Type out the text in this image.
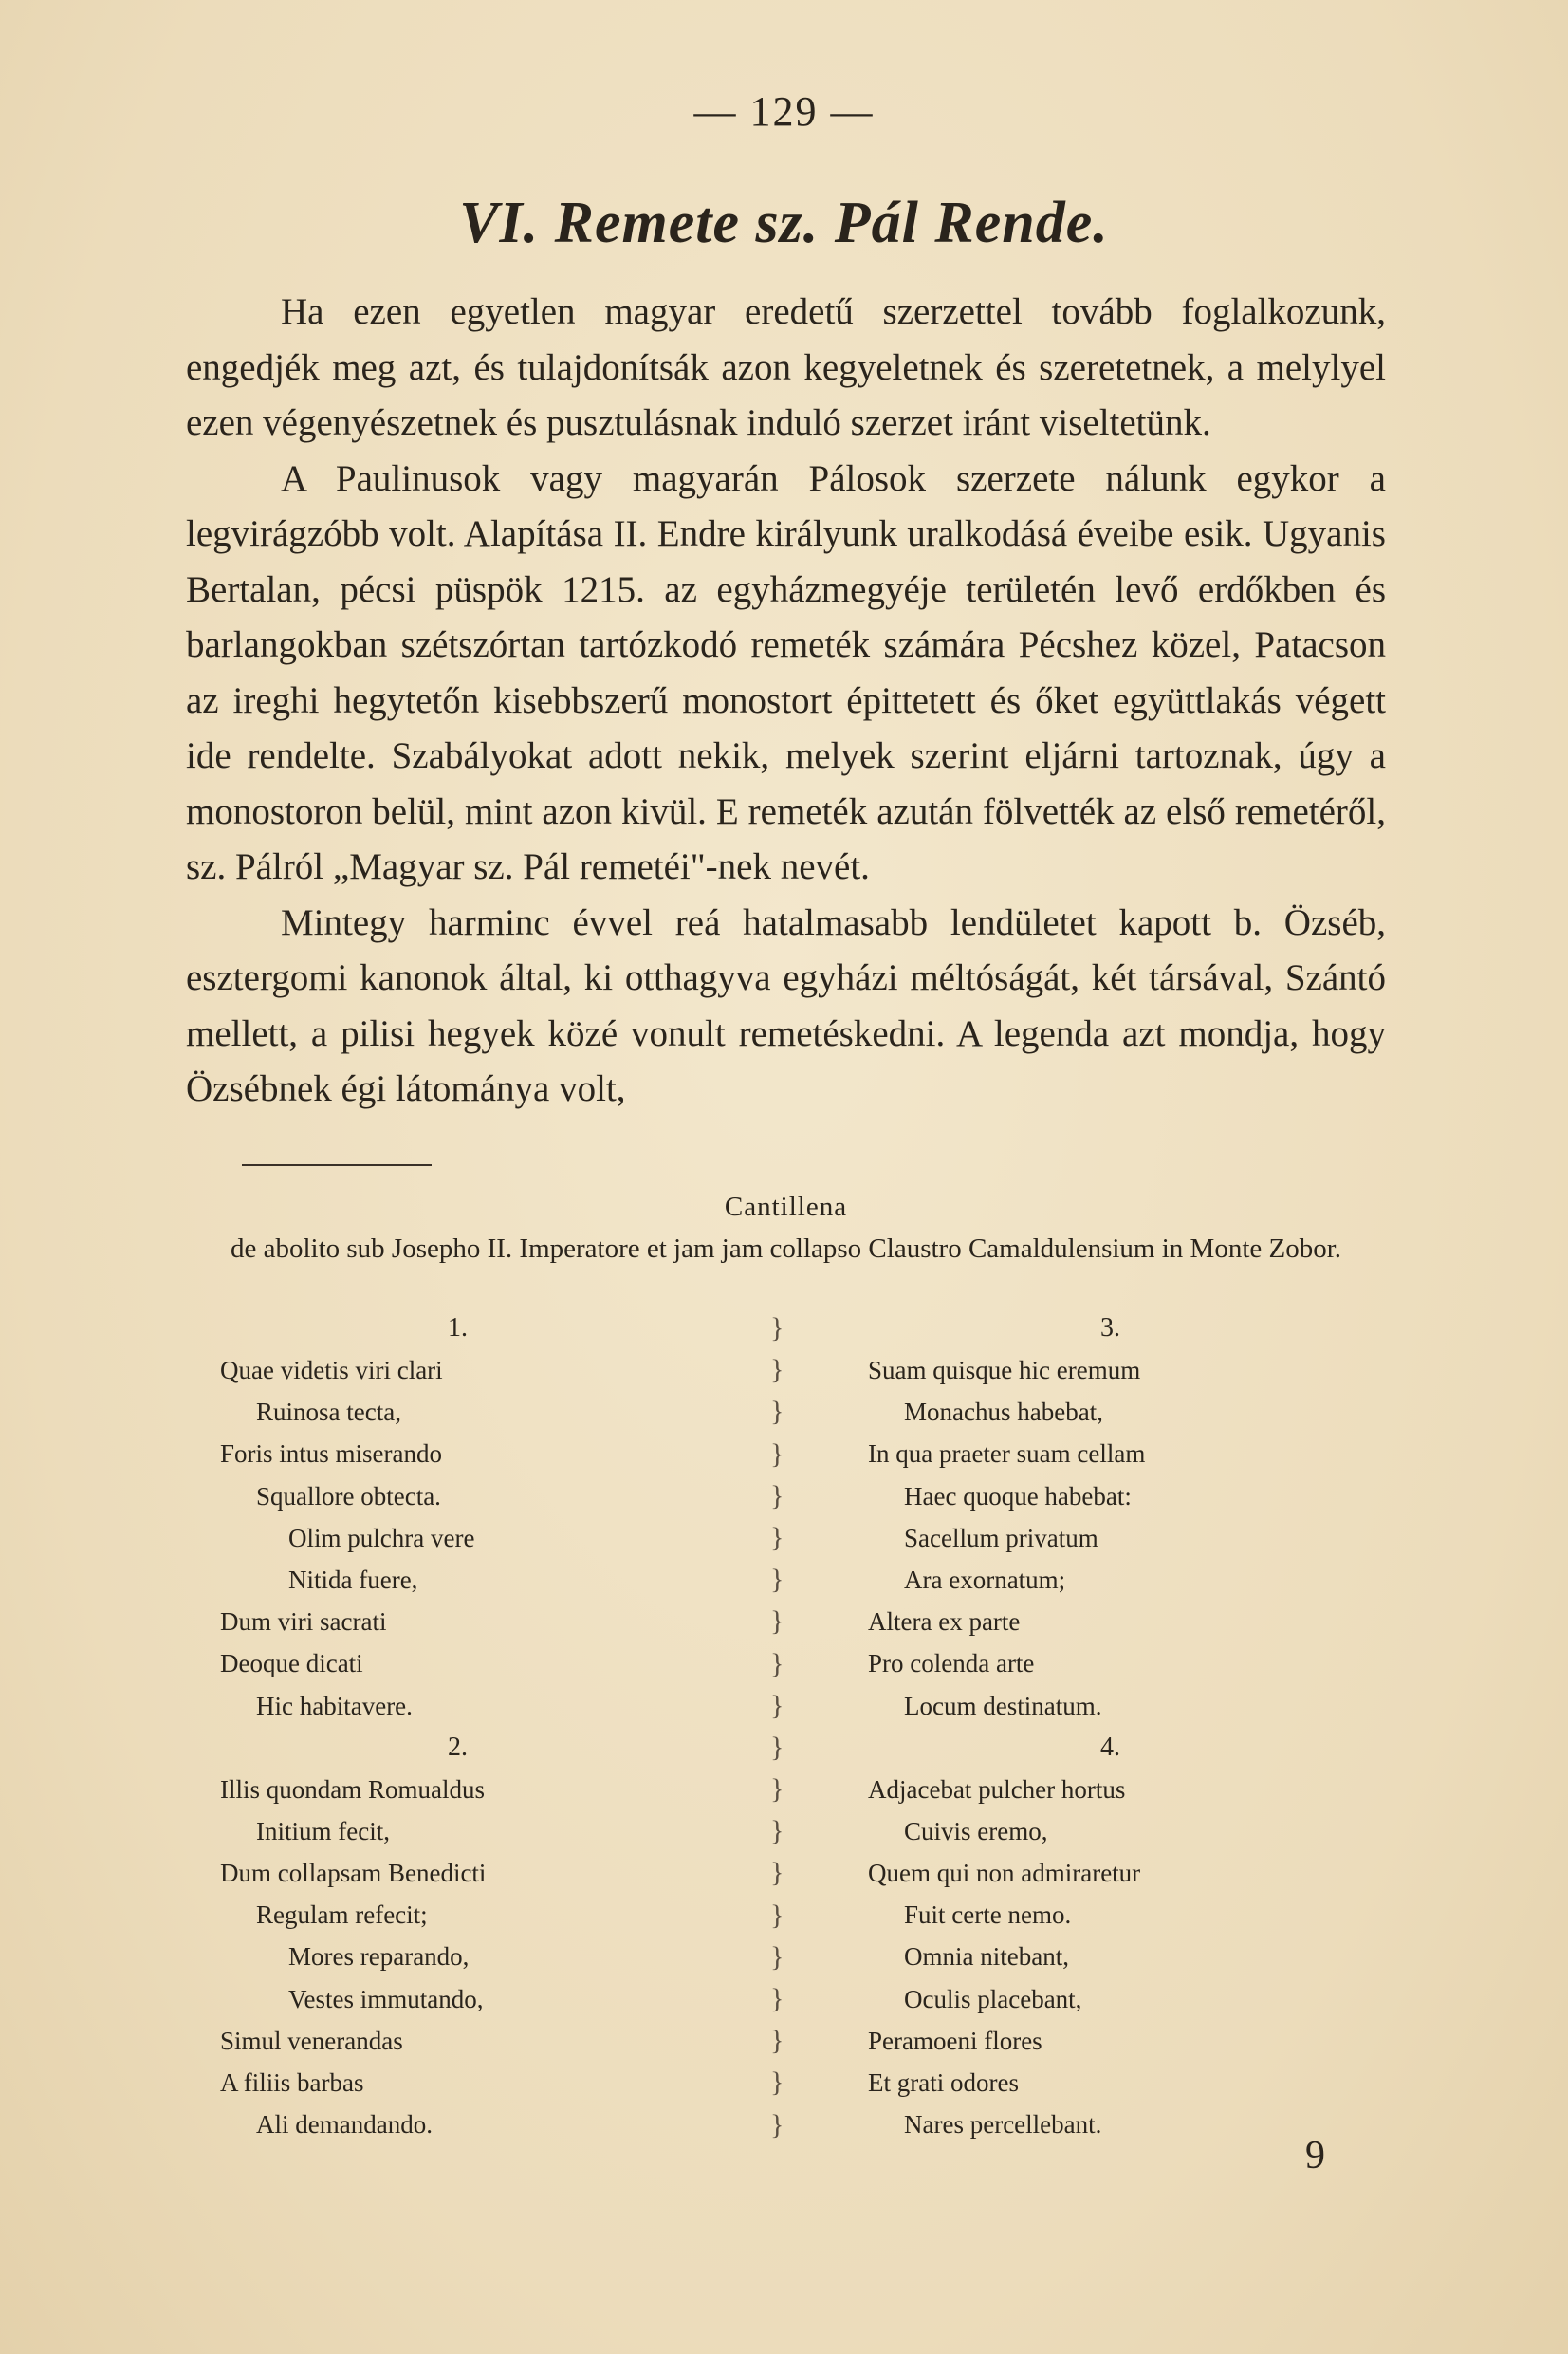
— 129 —
VI. Remete sz. Pál Rende.

Ha ezen egyetlen magyar eredetű szerzettel tovább foglalkozunk, engedjék meg azt, és tulajdonítsák azon kegyeletnek és szeretetnek, a melylyel ezen végenyészetnek és pusztulásnak induló szerzet iránt viseltetünk.

A Paulinusok vagy magyarán Pálosok szerzete nálunk egykor a legvirágzóbb volt. Alapítása II. Endre királyunk uralkodásá éveibe esik. Ugyanis Bertalan, pécsi püspök 1215. az egyházmegyéje területén levő erdőkben és barlangokban szétszórtan tartózkodó remeték számára Pécshez közel, Patacson az ireghi hegytetőn kisebbszerű monostort épittetett és őket együttlakás végett ide rendelte. Szabályokat adott nekik, melyek szerint eljárni tartoznak, úgy a monostoron belül, mint azon kivül. E remeték azután fölvették az első remetéről, sz. Pálról „Magyar sz. Pál remetéi"-nek nevét.

Mintegy harminc évvel reá hatalmasabb lendületet kapott b. Özséb, esztergomi kanonok által, ki otthagyva egyházi méltóságát, két társával, Szántó mellett, a pilisi hegyek közé vonult remetéskedni. A legenda azt mondja, hogy Özsébnek égi látománya volt,

Cantillena
de abolito sub Josepho II. Imperatore et jam jam collapso Claustro Camaldulensium in Monte Zobor.
1.
Quae videtis viri clari
Ruinosa tecta,
Foris intus miserando
Squallore obtecta.
Olim pulchra vere
Nitida fuere,
Dum viri sacrati
Deoque dicati
Hic habitavere.
2.
Illis quondam Romualdus
Initium fecit,
Dum collapsam Benedicti
Regulam refecit;
Mores reparando,
Vestes immutando,
Simul venerandas
A filiis barbas
Ali demandando.
}
}
}
}
}
}
}
}
}
}
}
}
}
}
}
}
}
}
}
}
3.
Suam quisque hic eremum
Monachus habebat,
In qua praeter suam cellam
Haec quoque habebat:
Sacellum privatum
Ara exornatum;
Altera ex parte
Pro colenda arte
Locum destinatum.
4.
Adjacebat pulcher hortus
Cuivis eremo,
Quem qui non admiraretur
Fuit certe nemo.
Omnia nitebant,
Oculis placebant,
Peramoeni flores
Et grati odores
Nares percellebant.
9
